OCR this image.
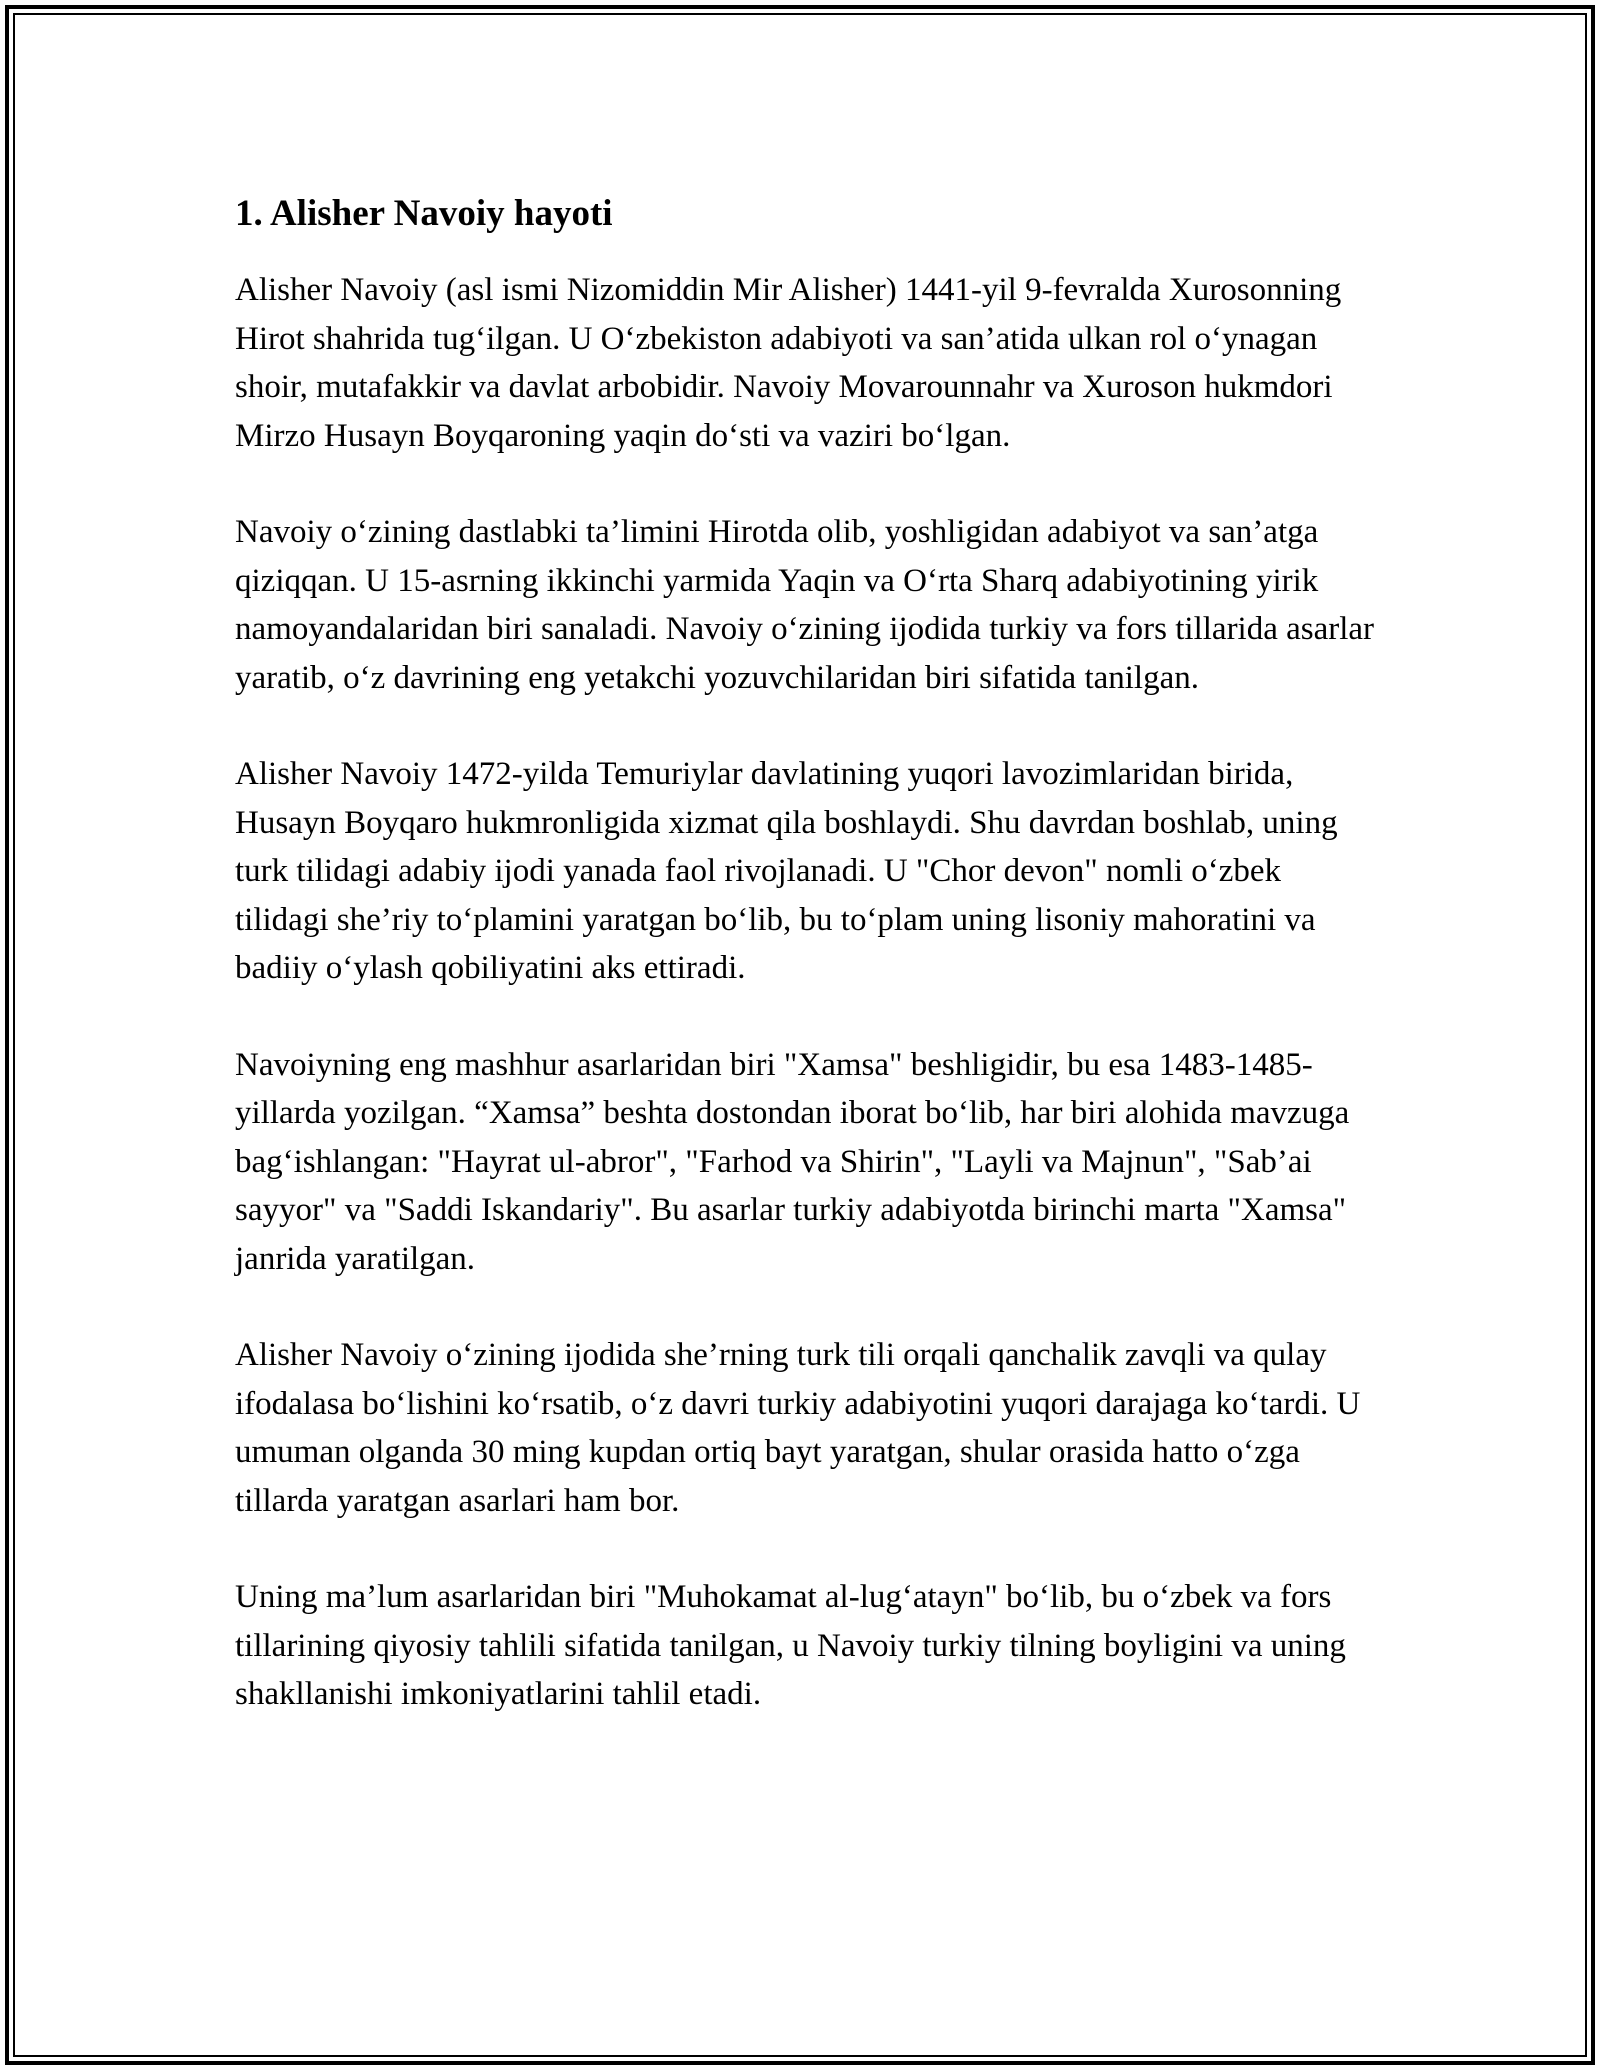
1. Alisher Navoiy hayoti

Alisher Navoiy (asl ismi Nizomiddin Mir Alisher) 1441-yil 9-fevralda Xurosonning Hirot shahrida tug‘ilgan. U O‘zbekiston adabiyoti va san’atida ulkan rol o‘ynagan shoir, mutafakkir va davlat arbobidir. Navoiy Movarounnahr va Xuroson hukmdori Mirzo Husayn Boyqaroning yaqin do‘sti va vaziri bo‘lgan.

Navoiy o‘zining dastlabki ta’limini Hirotda olib, yoshligidan adabiyot va san’atga qiziqqan. U 15-asrning ikkinchi yarmida Yaqin va O‘rta Sharq adabiyotining yirik namoyandalaridan biri sanaladi. Navoiy o‘zining ijodida turkiy va fors tillarida asarlar yaratib, o‘z davrining eng yetakchi yozuvchilaridan biri sifatida tanilgan.

Alisher Navoiy 1472-yilda Temuriylar davlatining yuqori lavozimlaridan birida, Husayn Boyqaro hukmronligida xizmat qila boshlaydi. Shu davrdan boshlab, uning turk tilidagi adabiy ijodi yanada faol rivojlanadi. U "Chor devon" nomli o‘zbek tilidagi she’riy to‘plamini yaratgan bo‘lib, bu to‘plam uning lisoniy mahoratini va badiiy o‘ylash qobiliyatini aks ettiradi.

Navoiyning eng mashhur asarlaridan biri "Xamsa" beshligidir, bu esa 1483-1485-yillarda yozilgan. “Xamsa” beshta dostondan iborat bo‘lib, har biri alohida mavzuga bag‘ishlangan: "Hayrat ul-abror", "Farhod va Shirin", "Layli va Majnun", "Sab’ai sayyor" va "Saddi Iskandariy". Bu asarlar turkiy adabiyotda birinchi marta "Xamsa" janrida yaratilgan.

Alisher Navoiy o‘zining ijodida she’rning turk tili orqali qanchalik zavqli va qulay ifodalasa bo‘lishini ko‘rsatib, o‘z davri turkiy adabiyotini yuqori darajaga ko‘tardi. U umuman olganda 30 ming kupdan ortiq bayt yaratgan, shular orasida hatto o‘zga tillarda yaratgan asarlari ham bor.

Uning ma’lum asarlaridan biri "Muhokamat al-lug‘atayn" bo‘lib, bu o‘zbek va fors tillarining qiyosiy tahlili sifatida tanilgan, u Navoiy turkiy tilning boyligini va uning shakllanishi imkoniyatlarini tahlil etadi.
